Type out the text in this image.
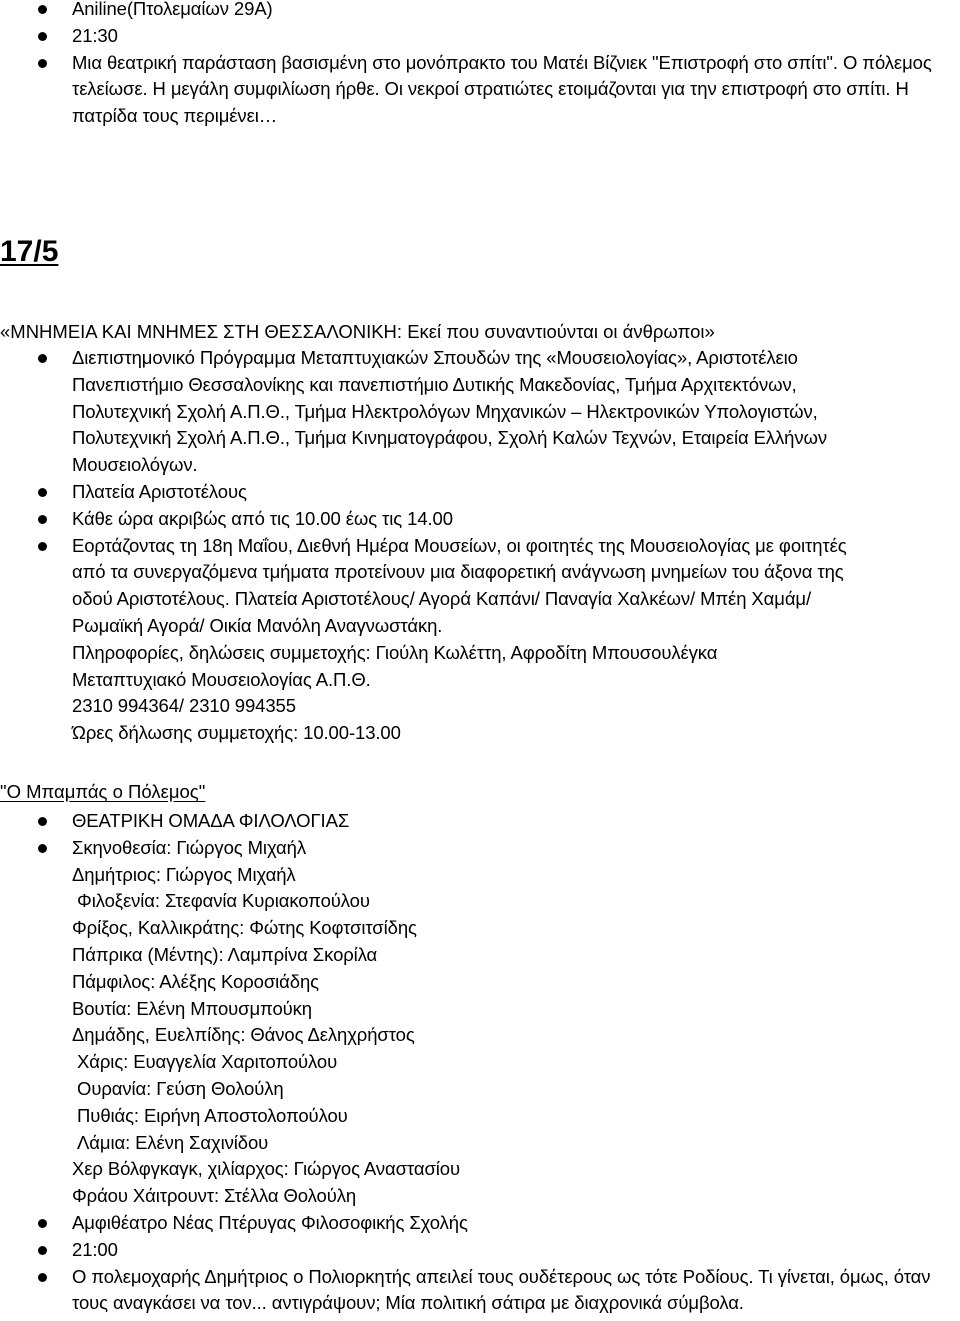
Aniline(Πτολεμαίων 29Α)
21:30
Μια θεατρική παράσταση βασισμένη στο μονόπρακτο του Ματέι Βίζνιεκ "Επιστροφή στο σπίτι". Ο πόλεμος τελείωσε. Η μεγάλη συμφιλίωση ήρθε. Οι νεκροί στρατιώτες ετοιμάζονται για την επιστροφή στο σπίτι. Η πατρίδα τους περιμένει…
17/5

«ΜΝΗΜΕΙΑ ΚΑΙ ΜΝΗΜΕΣ ΣΤΗ ΘΕΣΣΑΛΟΝΙΚΗ: Εκεί που συναντιούνται οι άνθρωποι»

Διεπιστημονικό Πρόγραμμα Μεταπτυχιακών Σπουδών της «Μουσειολογίας», Αριστοτέλειο
Πανεπιστήμιο Θεσσαλονίκης και πανεπιστήμιο Δυτικής Μακεδονίας, Τμήμα Αρχιτεκτόνων,
Πολυτεχνική Σχολή Α.Π.Θ., Τμήμα Ηλεκτρολόγων Μηχανικών – Ηλεκτρονικών Υπολογιστών,
Πολυτεχνική Σχολή Α.Π.Θ., Τμήμα Κινηματογράφου, Σχολή Καλών Τεχνών, Εταιρεία Ελλήνων
Μουσειολόγων.
Πλατεία Αριστοτέλους
Κάθε ώρα ακριβώς από τις 10.00 έως τις 14.00
Εορτάζοντας τη 18η Μαΐου, Διεθνή Ημέρα Μουσείων, οι φοιτητές της Μουσειολογίας με φοιτητές
από τα συνεργαζόμενα τμήματα προτείνουν μια διαφορετική ανάγνωση μνημείων του άξονα της
οδού Αριστοτέλους. Πλατεία Αριστοτέλους/ Αγορά Καπάνι/ Παναγία Χαλκέων/ Μπέη Χαμάμ/
Ρωμαϊκή Αγορά/ Οικία Μανόλη Αναγνωστάκη.
Πληροφορίες, δηλώσεις συμμετοχής: Γιούλη Κωλέττη, Αφροδίτη Μπουσουλέγκα
Μεταπτυχιακό Μουσειολογίας Α.Π.Θ.
2310 994364/ 2310 994355
Ώρες δήλωσης συμμετοχής: 10.00-13.00

"Ο Μπαμπάς ο Πόλεμος"

ΘΕΑΤΡΙΚΗ ΟΜΑΔΑ ΦΙΛΟΛΟΓΙΑΣ
Σκηνοθεσία: Γιώργος Μιχαήλ
Δημήτριος: Γιώργος Μιχαήλ
Φιλοξενία: Στεφανία Κυριακοπούλου
Φρίξος, Καλλικράτης: Φώτης Κοφτσιτσίδης
Πάπρικα (Μέντης): Λαμπρίνα Σκορίλα
Πάμφιλος: Αλέξης Κοροσιάδης
Βουτία: Ελένη Μπουσμπούκη
Δημάδης, Ευελπίδης: Θάνος Δεληχρήστος
Χάρις: Ευαγγελία Χαριτοπούλου
Ουρανία: Γεύση Θολούλη
Πυθιάς: Ειρήνη Αποστολοπούλου
Λάμια: Ελένη Σαχινίδου
Χερ Βόλφγκαγκ, χιλίαρχος: Γιώργος Αναστασίου
Φράου Χάιτρουντ: Στέλλα Θολούλη
Αμφιθέατρο Νέας Πτέρυγας Φιλοσοφικής Σχολής
21:00
Ο πολεμοχαρής Δημήτριος ο Πολιορκητής απειλεί τους ουδέτερους ως τότε Ροδίους. Τι γίνεται, όμως, όταν τους αναγκάσει να τον... αντιγράψουν; Μία πολιτική σάτιρα με διαχρονικά σύμβολα.
